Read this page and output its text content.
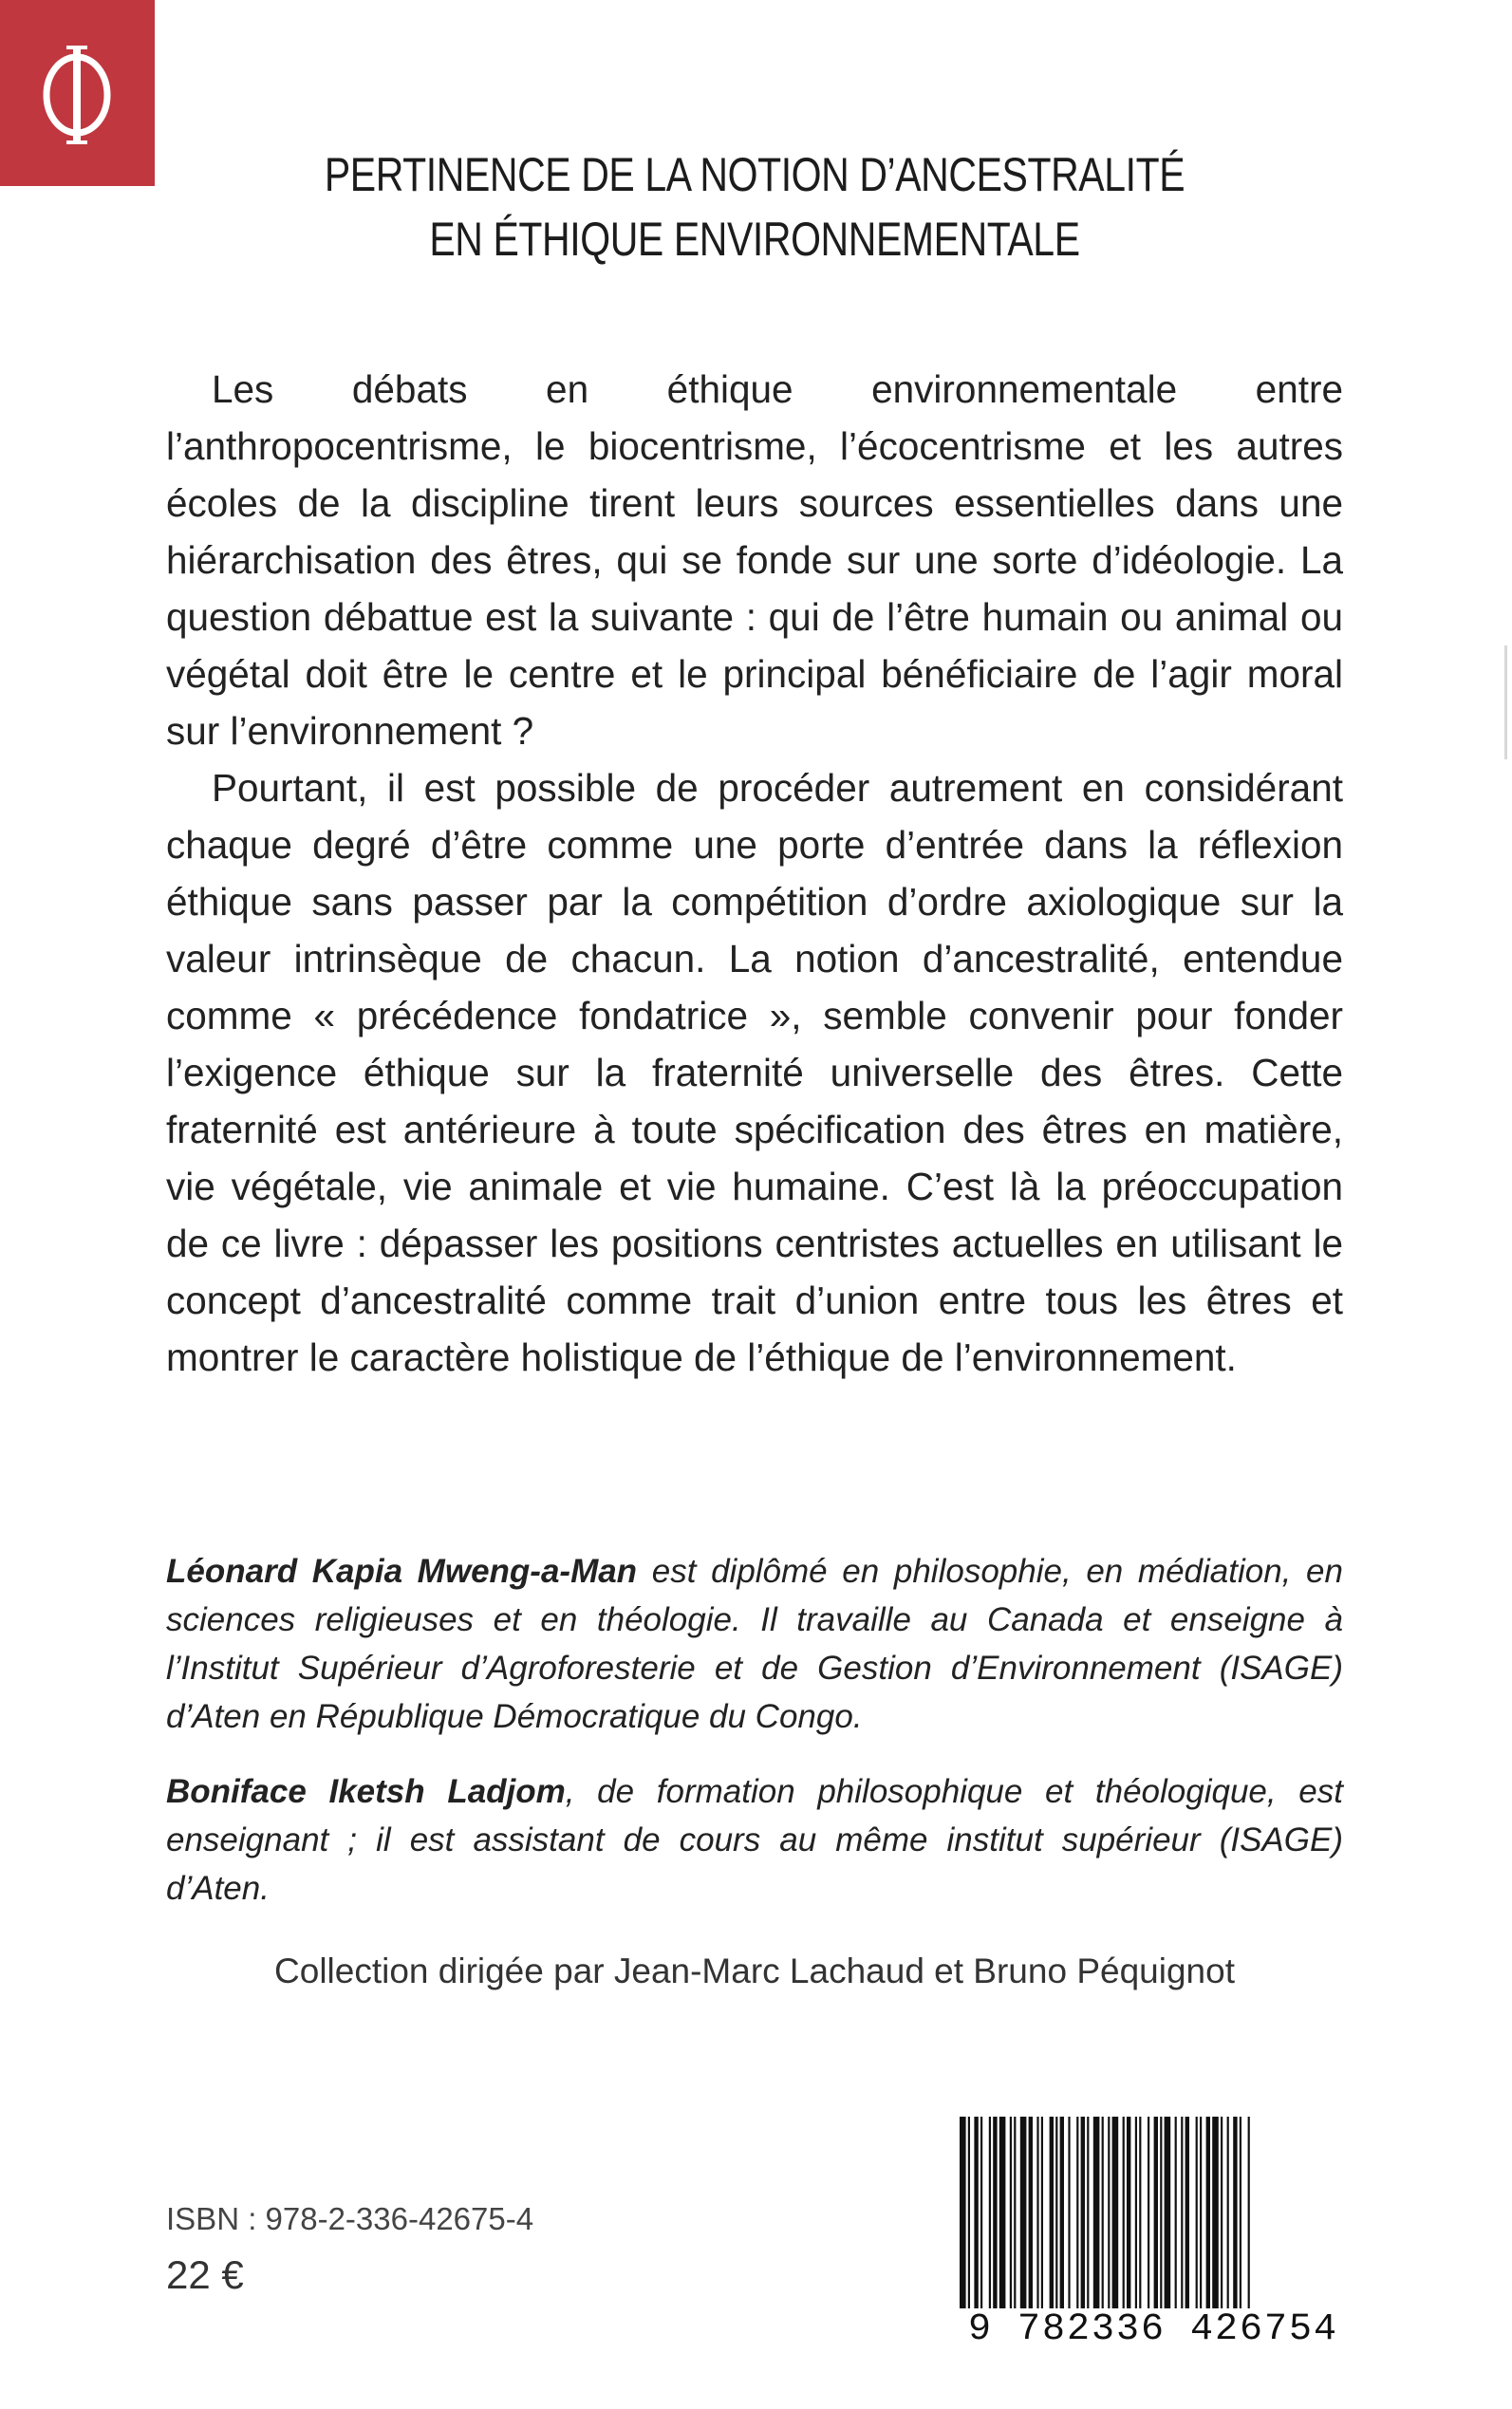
PERTINENCE DE LA NOTION D’ANCESTRALITÉ
EN ÉTHIQUE ENVIRONNEMENTALE

Les débats en éthique environnementale entre l’anthropocentrisme, le biocentrisme, l’écocentrisme et les autres écoles de la discipline tirent leurs sources essentielles dans une hiérarchisation des êtres, qui se fonde sur une sorte d’idéologie. La question débattue est la suivante : qui de l’être humain ou animal ou végétal doit être le centre et le principal bénéficiaire de l’agir moral sur l’environnement ?

Pourtant, il est possible de procéder autrement en considérant chaque degré d’être comme une porte d’entrée dans la réflexion éthique sans passer par la compétition d’ordre axiologique sur la valeur intrinsèque de chacun. La notion d’ancestralité, entendue comme « précédence fondatrice », semble convenir pour fonder l’exigence éthique sur la fraternité universelle des êtres. Cette fraternité est antérieure à toute spécification des êtres en matière, vie végétale, vie animale et vie humaine. C’est là la préoccupation de ce livre : dépasser les positions centristes actuelles en utilisant le concept d’ancestralité comme trait d’union entre tous les êtres et montrer le caractère holistique de l’éthique de l’environnement.

Léonard Kapia Mweng-a-Man est diplômé en philosophie, en médiation, en sciences religieuses et en théologie. Il travaille au Canada et enseigne à l’Institut Supérieur d’Agroforesterie et de Gestion d’Environnement (ISAGE) d’Aten en République Démocratique du Congo.

Boniface Iketsh Ladjom, de formation philosophique et théologique, est enseignant ; il est assistant de cours au même institut supérieur (ISAGE) d’Aten.

Collection dirigée par Jean-Marc Lachaud et Bruno Péquignot
ISBN : 978-2-336-42675-4
22 €
9 782336 426754
